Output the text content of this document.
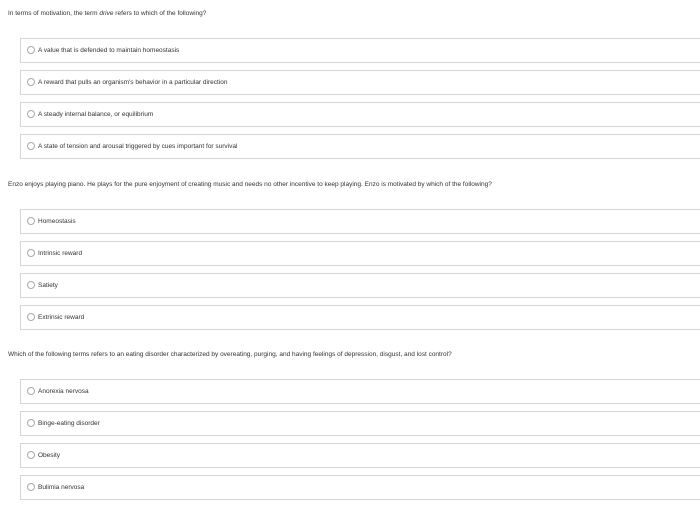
In terms of motivation, the term drive refers to which of the following?
A value that is defended to maintain homeostasis
A reward that pulls an organism's behavior in a particular direction
A steady internal balance, or equilibrium
A state of tension and arousal triggered by cues important for survival
Enzo enjoys playing piano. He plays for the pure enjoyment of creating music and needs no other incentive to keep playing. Enzo is motivated by which of the following?
Homeostasis
Intrinsic reward
Satiety
Extrinsic reward
Which of the following terms refers to an eating disorder characterized by overeating, purging, and having feelings of depression, disgust, and lost control?
Anorexia nervosa
Binge-eating disorder
Obesity
Bulimia nervosa
